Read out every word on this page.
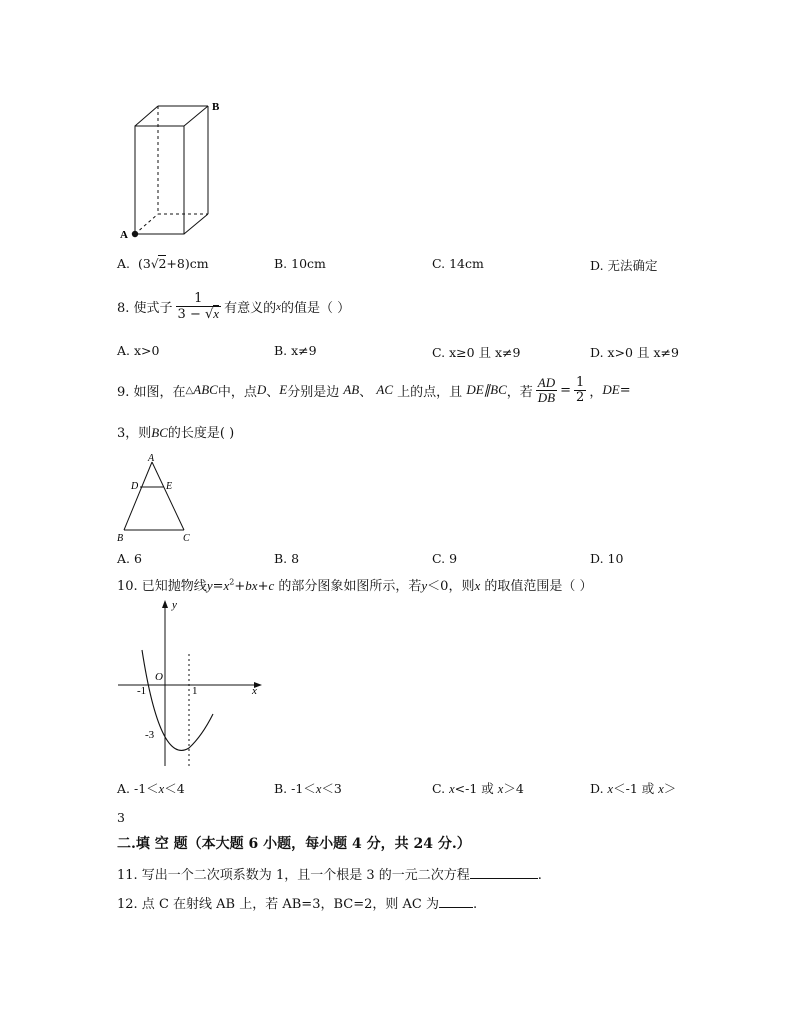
A
B
A. (3√2+8)cm	B. 10cm	C. 14cm	D. 无法确定
8. 使式子 $\frac{1}{3 - √x}$ 有意义的 x 的值是（ ）
A. x>0	B. x≠9	C. x≥0 且 x≠9	D. x>0 且 x≠9
9. 如图，在 △ ABC 中，点 D 、 E 分别是边
AB 、
AC
上的点，且
DE ∥ BC ，若 $\frac{AD}{DB} = \frac{1}{2}$ ， DE =
3，则BC的长度是( )
A
D	E
B	C
A. 6	B. 8	C. 9	D. 10
10. 已知抛物线$y=x^2+bx+c$ 的部分图象如图所示，若y＜0，则x 的取值范围是（ ）
y
x
O
-1	1
-3
A. -1＜x＜4	B. -1＜x＜3	C. x<-1 或 x＞4	D. x＜-1 或 x＞
3
二.填 空 题（本大题 6 小题，每小题 4 分，共 24 分.）
11. 写出一个二次项系数为 1，且一个根是 3 的一元二次方程	.
12. 点 C 在射线 AB 上，若 AB=3，BC=2，则 AC 为	.
